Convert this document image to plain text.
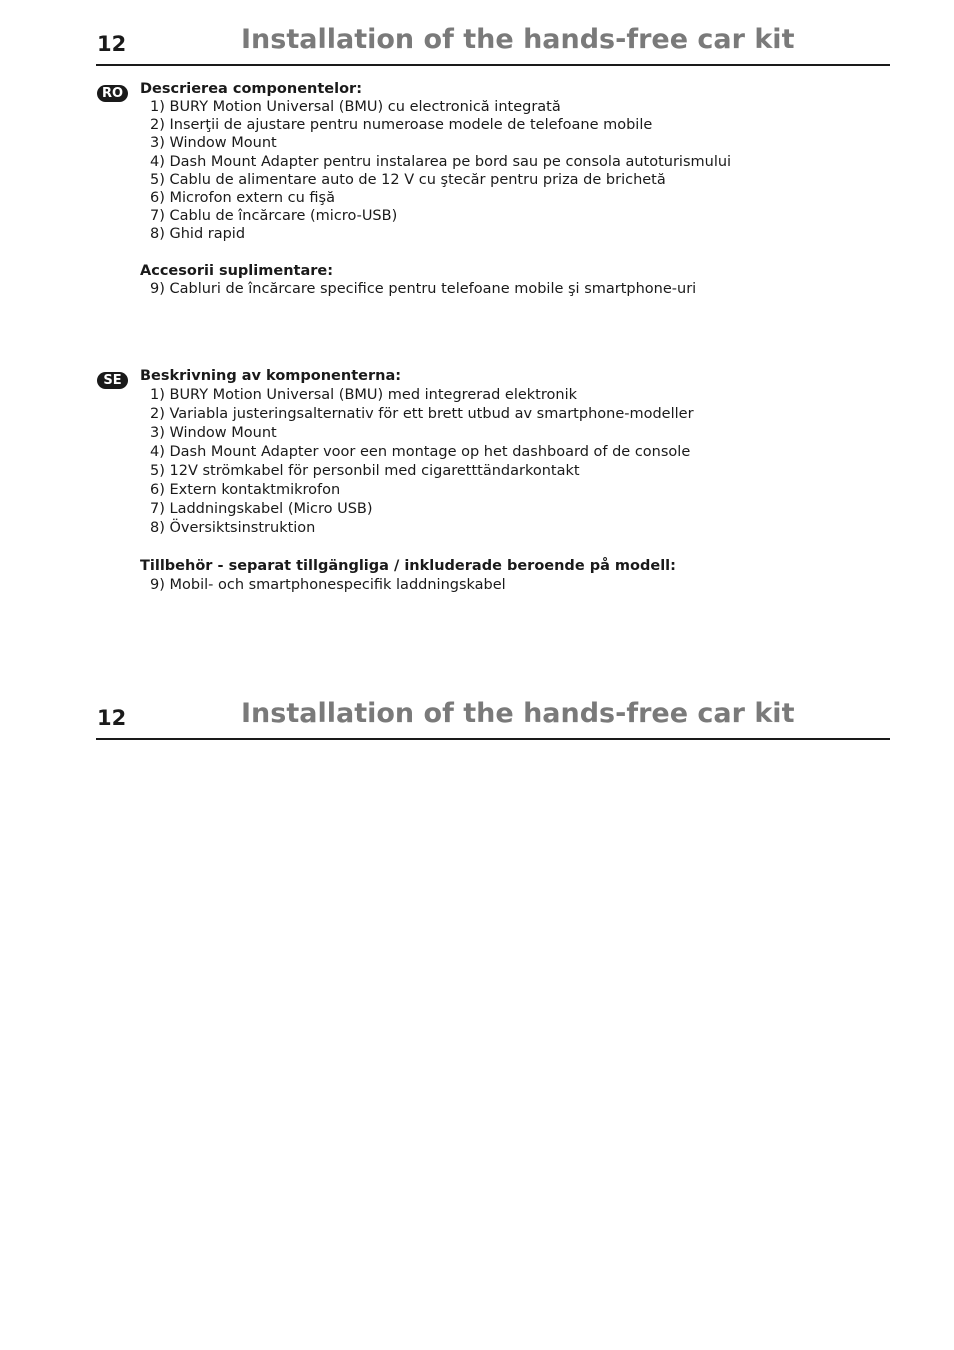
12	Installation of the hands-free car kit
RO	Descrierea componentelor:
1) BURY Motion Universal (BMU) cu electronică integrată
2) Inserţii de ajustare pentru numeroase modele de telefoane mobile
3) Window Mount
4) Dash Mount Adapter pentru instalarea pe bord sau pe consola autoturismului
5) Cablu de alimentare auto de 12 V cu ştecăr pentru priza de brichetă
6) Microfon extern cu fişă
7) Cablu de încărcare (micro-USB)
8) Ghid rapid
Accesorii suplimentare:
9) Cabluri de încărcare specifice pentru telefoane mobile şi smartphone-uri
SE	Beskrivning av komponenterna:
1) BURY Motion Universal (BMU) med integrerad elektronik
2) Variabla justeringsalternativ för ett brett utbud av smartphone-modeller
3) Window Mount
4) Dash Mount Adapter voor een montage op het dashboard of de console
5) 12V strömkabel för personbil med cigaretttändarkontakt
6) Extern kontaktmikrofon
7) Laddningskabel (Micro USB)
8) Översiktsinstruktion
Tillbehör - separat tillgängliga / inkluderade beroende på modell:
9) Mobil- och smartphonespecifik laddningskabel
12	Installation of the hands-free car kit
